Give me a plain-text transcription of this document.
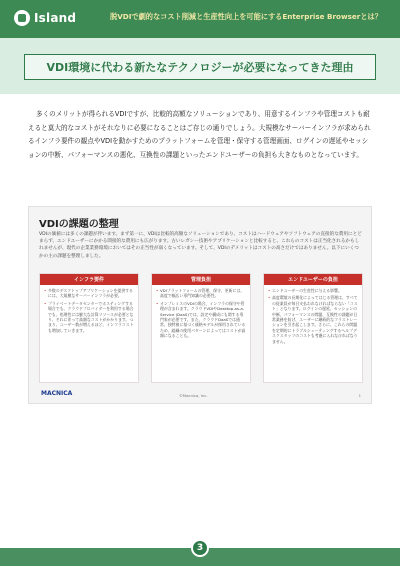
Island	脱VDIで劇的なコスト削減と生産性向上を可能にするEnterprise Browserとは？
VDI環境に代わる新たなテクノロジーが必要になってきた理由

多くのメリットが得られるVDIですが、比較的高額なソリューションであり、用意するインフラや管理コストも耐えると莫大的なコストがそれなりに必要になることはご存じの通りでしょう。大規模なサーバーインフラが求められるインフラ要件の観点やVDIを動かすためのプラットフォームを管理・保守する管理画面、ログインの遅延やセッションの中断、パフォーマンスの悪化、互換性の課題といったエンドユーザーの負担も大きなものとなっています。

VDIの課題の整理
VDIの価値には多くの課題が伴います。まず第一に、VDIは比較的高額なソリューションであり、コストはハードウェアやソフトウェアの直接的な費用にとどまらず、エンドユーザーにかかる間接的な費用にも広がります。古いレガシー技術やアプリケーションと比較すると、これらのコストは正当化されるかもしれませんが、現代の企業業務環境においてはその正当性が弱くなっています。そして、VDIのデメリットはコストの高さだけではありません。以下にいくつかの主の課題を整理しました。
インフラ要件
• 多数のデスクトップアプリケーションを提供するには、大規模なサーバーインフラが必要。
• プライベートデータセンターでホスティングする場合でも、クラウドプロバイダーを利用する場合でも、処理性には膨大な計算リソースが必要となり、それに伴って高額なコストがかかります。つまり、ユーザー数が増えるほど、インフラコストも増加していきます。
管理負担
• VDIプラットフォームの管理、保守、更新には、高度で幅広い専門知識の必要性。
• オンプレミスのVDIの場合、インフラの保守や管理が含まれます。クラウドVDIやDesktop-as-a-Service (DaaS)では、設定や構成にも関する専門家が必要です。また、クラウドDaaSでは通常、独特複に基づく価格モデルが採用されているため、組織の使用パターンによってはコストが高額になることも。
エンドユーザーの負担
• エンドユーザーの生産性に与える影響。
• 高度環境の長期化によってはじる管理は、すべての従業員が毎日支払われなければならない「コスト」となります。ログインの遅延、セッションの中断、パフォーマンスの問題、互換性の課題が日常業務を妨げ、ユーザーに継続的なフラストレーションを引き起こします。さらに、これらの問題を定期的にトラブルシューティングするヘルプデスクスタッフのコストも考慮に入れなければなりません。
MACNICA	©Macnica, Inc.	1
3
